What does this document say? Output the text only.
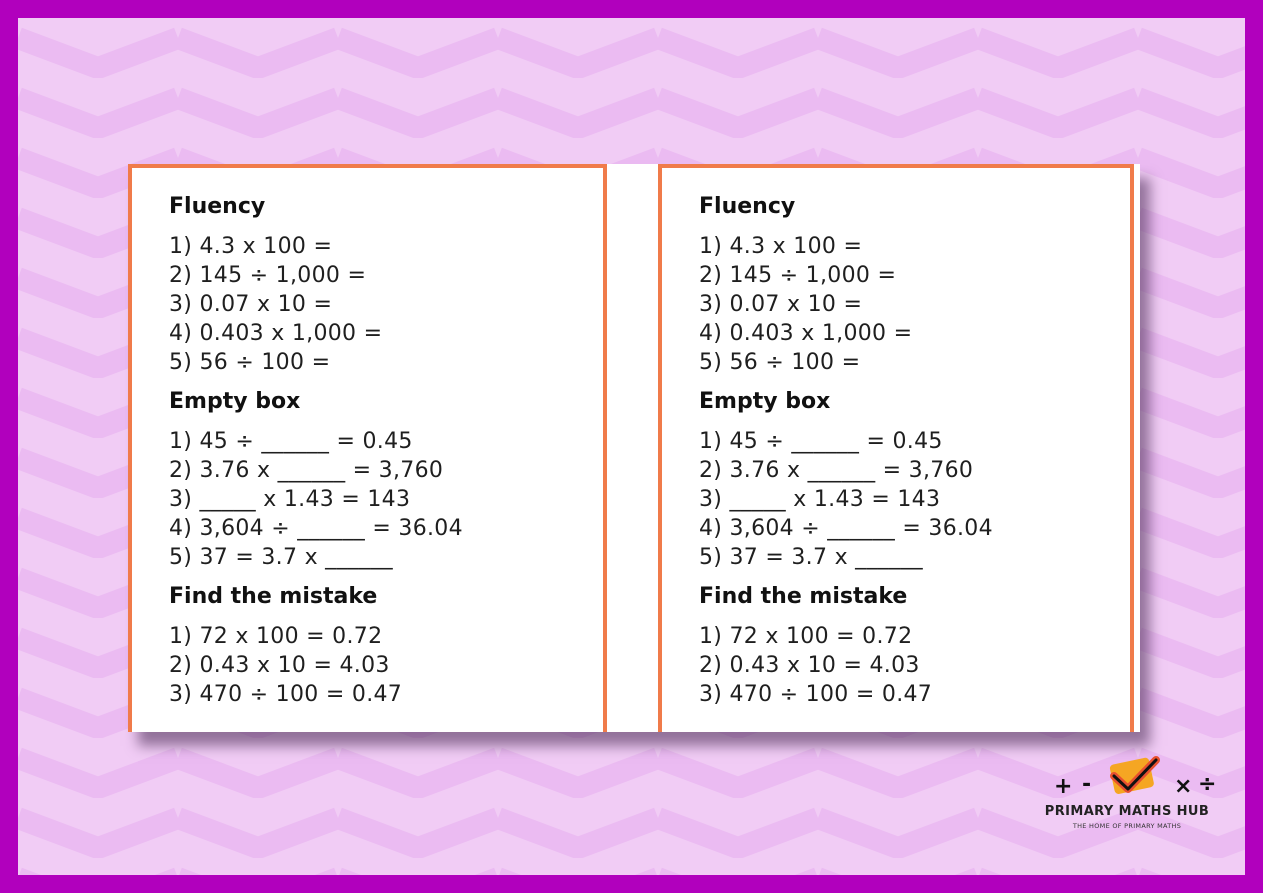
Fluency
1) 4.3 x 100 =
2) 145 ÷ 1,000 =
3) 0.07 x 10 =
4) 0.403 x 1,000 =
5) 56 ÷ 100 =
Empty box
1) 45 ÷ ______ = 0.45
2) 3.76 x ______ = 3,760
3) _____ x 1.43 = 143
4) 3,604 ÷ ______ = 36.04
5) 37 = 3.7 x ______
Find the mistake
1) 72 x 100 = 0.72
2) 0.43 x 10 = 4.03
3) 470 ÷ 100 = 0.47
Fluency
1) 4.3 x 100 =
2) 145 ÷ 1,000 =
3) 0.07 x 10 =
4) 0.403 x 1,000 =
5) 56 ÷ 100 =
Empty box
1) 45 ÷ ______ = 0.45
2) 3.76 x ______ = 3,760
3) _____ x 1.43 = 143
4) 3,604 ÷ ______ = 36.04
5) 37 = 3.7 x ______
Find the mistake
1) 72 x 100 = 0.72
2) 0.43 x 10 = 4.03
3) 470 ÷ 100 = 0.47
+ -	× ÷
PRIMARY MATHS HUB
THE HOME OF PRIMARY MATHS
